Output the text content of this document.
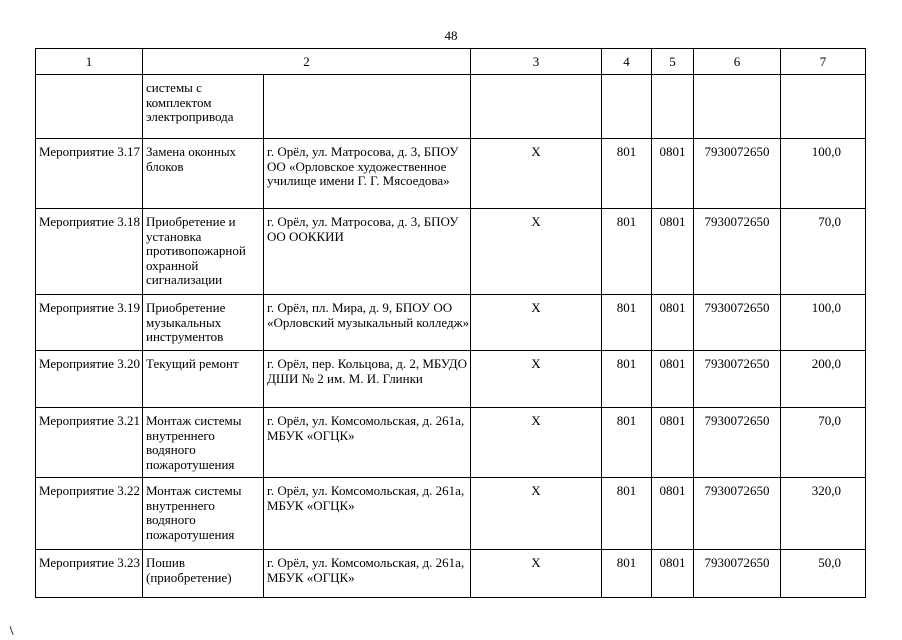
48
1	2		3	4	5	6	7
	системы с комплектом электропривода						
Мероприятие 3.17	Замена оконных блоков	г. Орёл, ул. Матросова, д. 3, БПОУ ОО «Орловское художественное училище имени Г. Г. Мясоедова»	Х	801	0801	7930072650	100,0
Мероприятие 3.18	Приобретение и установка противопожарной охранной сигнализации	г. Орёл, ул. Матросова, д. 3, БПОУ ОО ООККИИ	Х	801	0801	7930072650	70,0
Мероприятие 3.19	Приобретение музыкальных инструментов	г. Орёл, пл. Мира, д. 9, БПОУ ОО «Орловский музыкальный колледж»	Х	801	0801	7930072650	100,0
Мероприятие 3.20	Текущий ремонт	г. Орёл, пер. Кольцова, д. 2, МБУДО ДШИ № 2 им. М. И. Глинки	Х	801	0801	7930072650	200,0
Мероприятие 3.21	Монтаж системы внутреннего водяного пожаротушения	г. Орёл, ул. Комсомольская, д. 261а, МБУК «ОГЦК»	Х	801	0801	7930072650	70,0
Мероприятие 3.22	Монтаж системы внутреннего водяного пожаротушения	г. Орёл, ул. Комсомольская, д. 261а, МБУК «ОГЦК»	Х	801	0801	7930072650	320,0
Мероприятие 3.23	Пошив (приобретение)	г. Орёл, ул. Комсомольская, д. 261а, МБУК «ОГЦК»	Х	801	0801	7930072650	50,0
